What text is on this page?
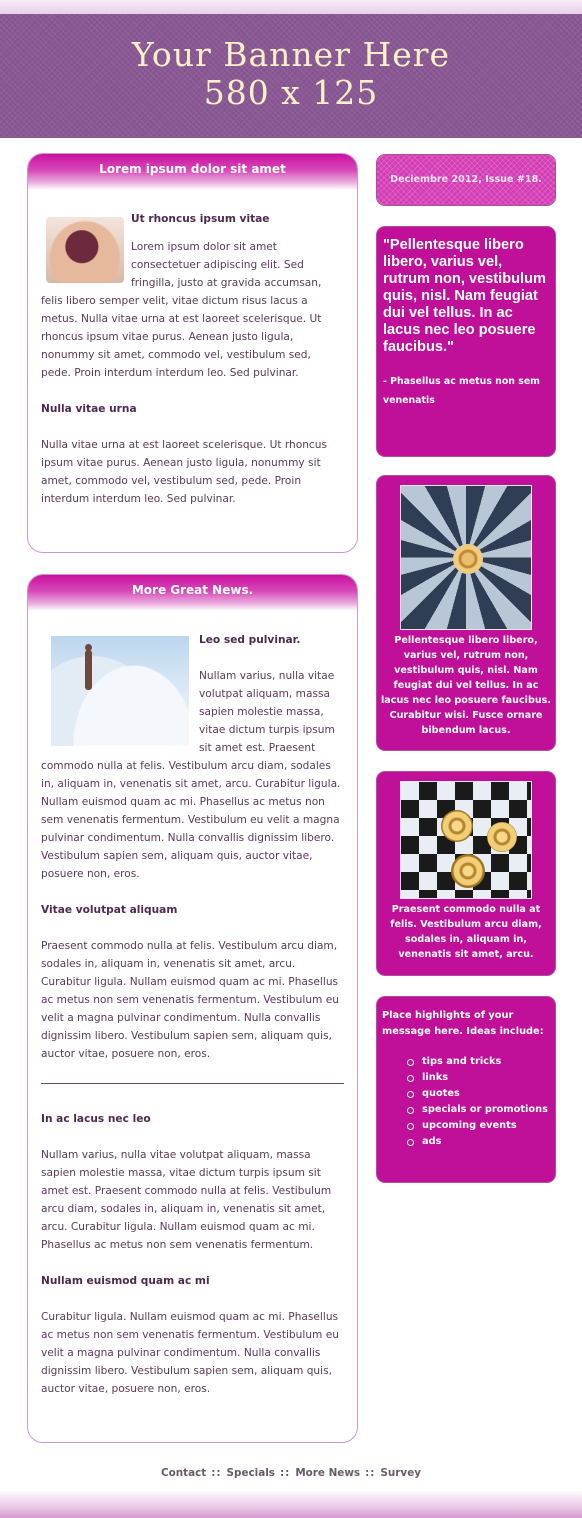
Your Banner Here
580 x 125
Lorem ipsum dolor sit amet

Ut rhoncus ipsum vitae

Lorem ipsum dolor sit amet consectetuer adipiscing elit. Sed fringilla, justo at gravida accumsan, felis libero semper velit, vitae dictum risus lacus a metus. Nulla vitae urna at est laoreet scelerisque. Ut rhoncus ipsum vitae purus. Aenean justo ligula, nonummy sit amet, commodo vel, vestibulum sed, pede. Proin interdum interdum leo. Sed pulvinar.

Nulla vitae urna

Nulla vitae urna at est laoreet scelerisque. Ut rhoncus ipsum vitae purus. Aenean justo ligula, nonummy sit amet, commodo vel, vestibulum sed, pede. Proin interdum interdum leo. Sed pulvinar.

More Great News.

Leo sed pulvinar.

Nullam varius, nulla vitae volutpat aliquam, massa sapien molestie massa, vitae dictum turpis ipsum sit amet est. Praesent commodo nulla at felis. Vestibulum arcu diam, sodales in, aliquam in, venenatis sit amet, arcu. Curabitur ligula. Nullam euismod quam ac mi. Phasellus ac metus non sem venenatis fermentum. Vestibulum eu velit a magna pulvinar condimentum. Nulla convallis dignissim libero. Vestibulum sapien sem, aliquam quis, auctor vitae, posuere non, eros.

Vitae volutpat aliquam

Praesent commodo nulla at felis. Vestibulum arcu diam, sodales in, aliquam in, venenatis sit amet, arcu. Curabitur ligula. Nullam euismod quam ac mi. Phasellus ac metus non sem venenatis fermentum. Vestibulum eu velit a magna pulvinar condimentum. Nulla convallis dignissim libero. Vestibulum sapien sem, aliquam quis, auctor vitae, posuere non, eros.

In ac lacus nec leo

Nullam varius, nulla vitae volutpat aliquam, massa sapien molestie massa, vitae dictum turpis ipsum sit amet est. Praesent commodo nulla at felis. Vestibulum arcu diam, sodales in, aliquam in, venenatis sit amet, arcu. Curabitur ligula. Nullam euismod quam ac mi. Phasellus ac metus non sem venenatis fermentum.

Nullam euismod quam ac mi

Curabitur ligula. Nullam euismod quam ac mi. Phasellus ac metus non sem venenatis fermentum. Vestibulum eu velit a magna pulvinar condimentum. Nulla convallis dignissim libero. Vestibulum sapien sem, aliquam quis, auctor vitae, posuere non, eros.

Deciembre 2012, Issue #18.
"Pellentesque libero libero, varius vel, rutrum non, vestibulum quis, nisl. Nam feugiat dui vel tellus. In ac lacus nec leo posuere faucibus."
- Phasellus ac metus non sem venenatis
Pellentesque libero libero, varius vel, rutrum non, vestibulum quis, nisl. Nam feugiat dui vel tellus. In ac lacus nec leo posuere faucibus. Curabitur wisi. Fusce ornare bibendum lacus.
Praesent commodo nulla at felis. Vestibulum arcu diam, sodales in, aliquam in, venenatis sit amet, arcu.
Place highlights of your message here. Ideas include:
tips and tricks
links
quotes
specials or promotions
upcoming events
ads
Contact :: Specials :: More News :: Survey
